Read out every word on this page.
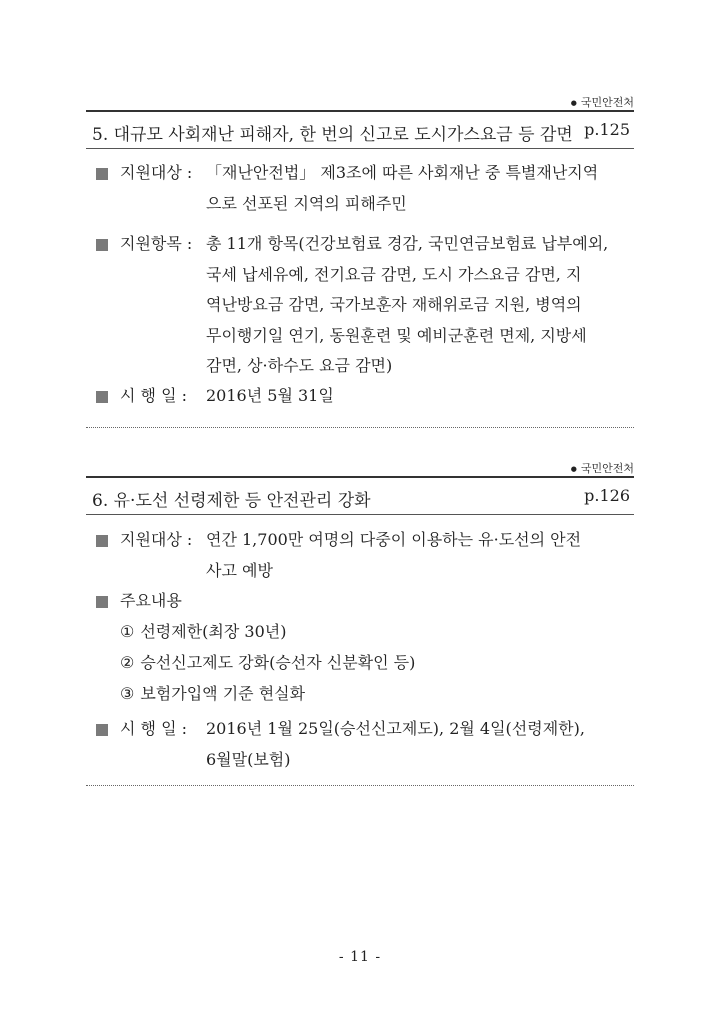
● 국민안전처
5. 대규모 사회재난 피해자, 한 번의 신고로 도시가스요금 등 감면 p.125
지원대상 : 「재난안전법」 제3조에 따른 사회재난 중 특별재난지역
으로 선포된 지역의 피해주민
지원항목 : 총 11개 항목(건강보험료 경감, 국민연금보험료 납부예외,
국세 납세유예, 전기요금 감면, 도시 가스요금 감면, 지
역난방요금 감면, 국가보훈자 재해위로금 지원, 병역의
무이행기일 연기, 동원훈련 및 예비군훈련 면제, 지방세
감면, 상·하수도 요금 감면)
시 행 일 : 2016년 5월 31일
● 국민안전처
6. 유·도선 선령제한 등 안전관리 강화	p.126
지원대상 : 연간 1,700만 여명의 다중이 이용하는 유·도선의 안전
사고 예방
주요내용
① 선령제한(최장 30년)
② 승선신고제도 강화(승선자 신분확인 등)
③ 보험가입액 기준 현실화
시 행 일 : 2016년 1월 25일(승선신고제도), 2월 4일(선령제한),
6월말(보험)
- 11 -
